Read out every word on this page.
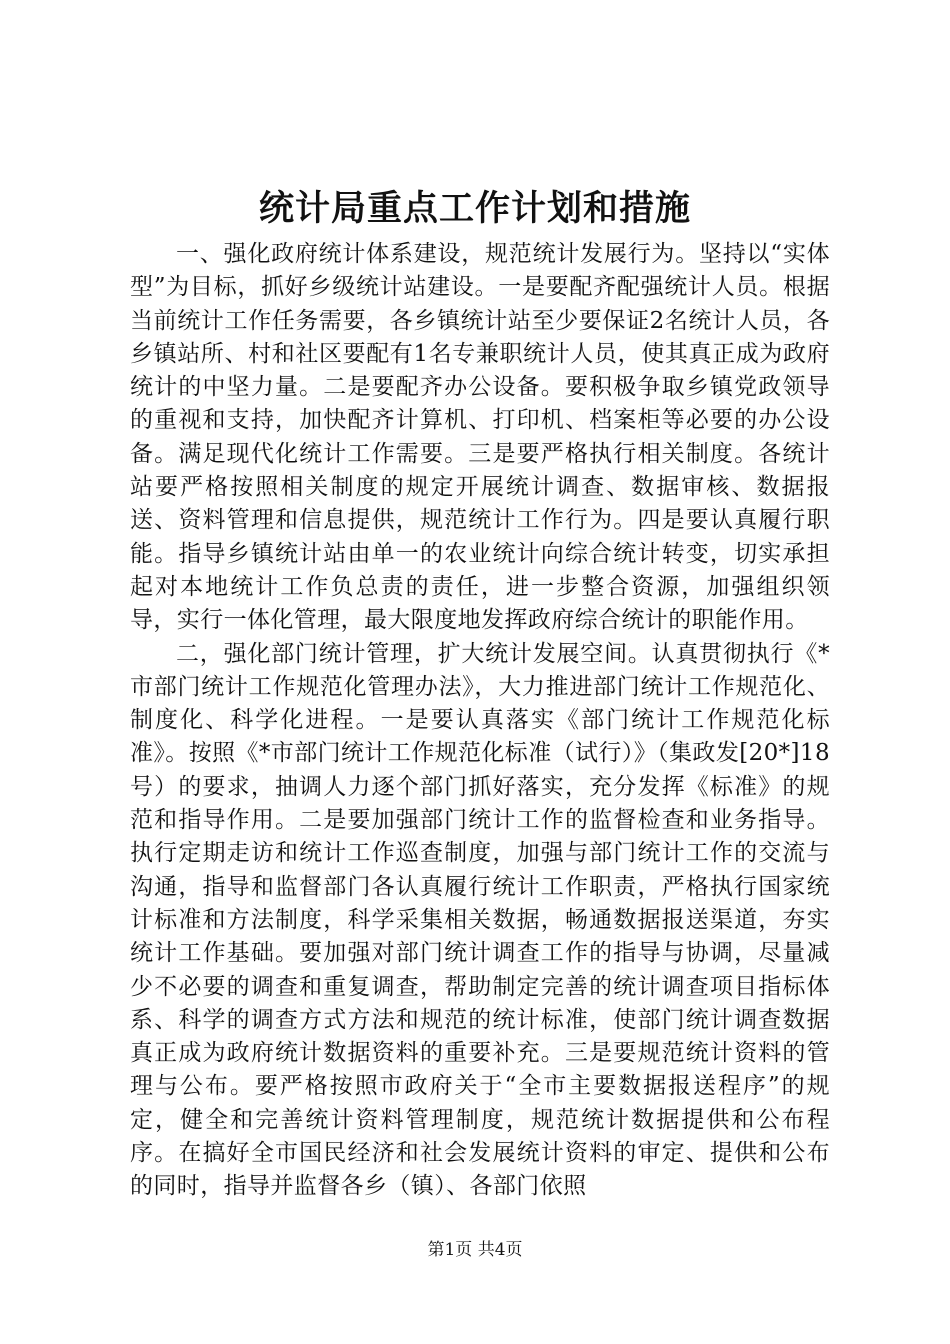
统计局重点工作计划和措施

一、强化政府统计体系建设，规范统计发展行为。坚持以“实体型”为目标，抓好乡级统计站建设。一是要配齐配强统计人员。根据当前统计工作任务需要，各乡镇统计站至少要保证2名统计人员，各乡镇站所、村和社区要配有1名专兼职统计人员，使其真正成为政府统计的中坚力量。二是要配齐办公设备。要积极争取乡镇党政领导的重视和支持，加快配齐计算机、打印机、档案柜等必要的办公设备。满足现代化统计工作需要。三是要严格执行相关制度。各统计站要严格按照相关制度的规定开展统计调查、数据审核、数据报送、资料管理和信息提供，规范统计工作行为。四是要认真履行职能。指导乡镇统计站由单一的农业统计向综合统计转变，切实承担起对本地统计工作负总责的责任，进一步整合资源，加强组织领导，实行一体化管理，最大限度地发挥政府综合统计的职能作用。

二，强化部门统计管理，扩大统计发展空间。认真贯彻执行《*市部门统计工作规范化管理办法》，大力推进部门统计工作规范化、制度化、科学化进程。一是要认真落实《部门统计工作规范化标准》。按照《*市部门统计工作规范化标准（试行）》（集政发[20*]18号）的要求，抽调人力逐个部门抓好落实，充分发挥《标准》的规范和指导作用。二是要加强部门统计工作的监督检查和业务指导。执行定期走访和统计工作巡查制度，加强与部门统计工作的交流与沟通，指导和监督部门各认真履行统计工作职责，严格执行国家统计标准和方法制度，科学采集相关数据，畅通数据报送渠道，夯实统计工作基础。要加强对部门统计调查工作的指导与协调，尽量减少不必要的调查和重复调查，帮助制定完善的统计调查项目指标体系、科学的调查方式方法和规范的统计标准，使部门统计调查数据真正成为政府统计数据资料的重要补充。三是要规范统计资料的管理与公布。要严格按照市政府关于“全市主要数据报送程序”的规定，健全和完善统计资料管理制度，规范统计数据提供和公布程序。在搞好全市国民经济和社会发展统计资料的审定、提供和公布的同时，指导并监督各乡（镇）、各部门依照

第1页 共4页
